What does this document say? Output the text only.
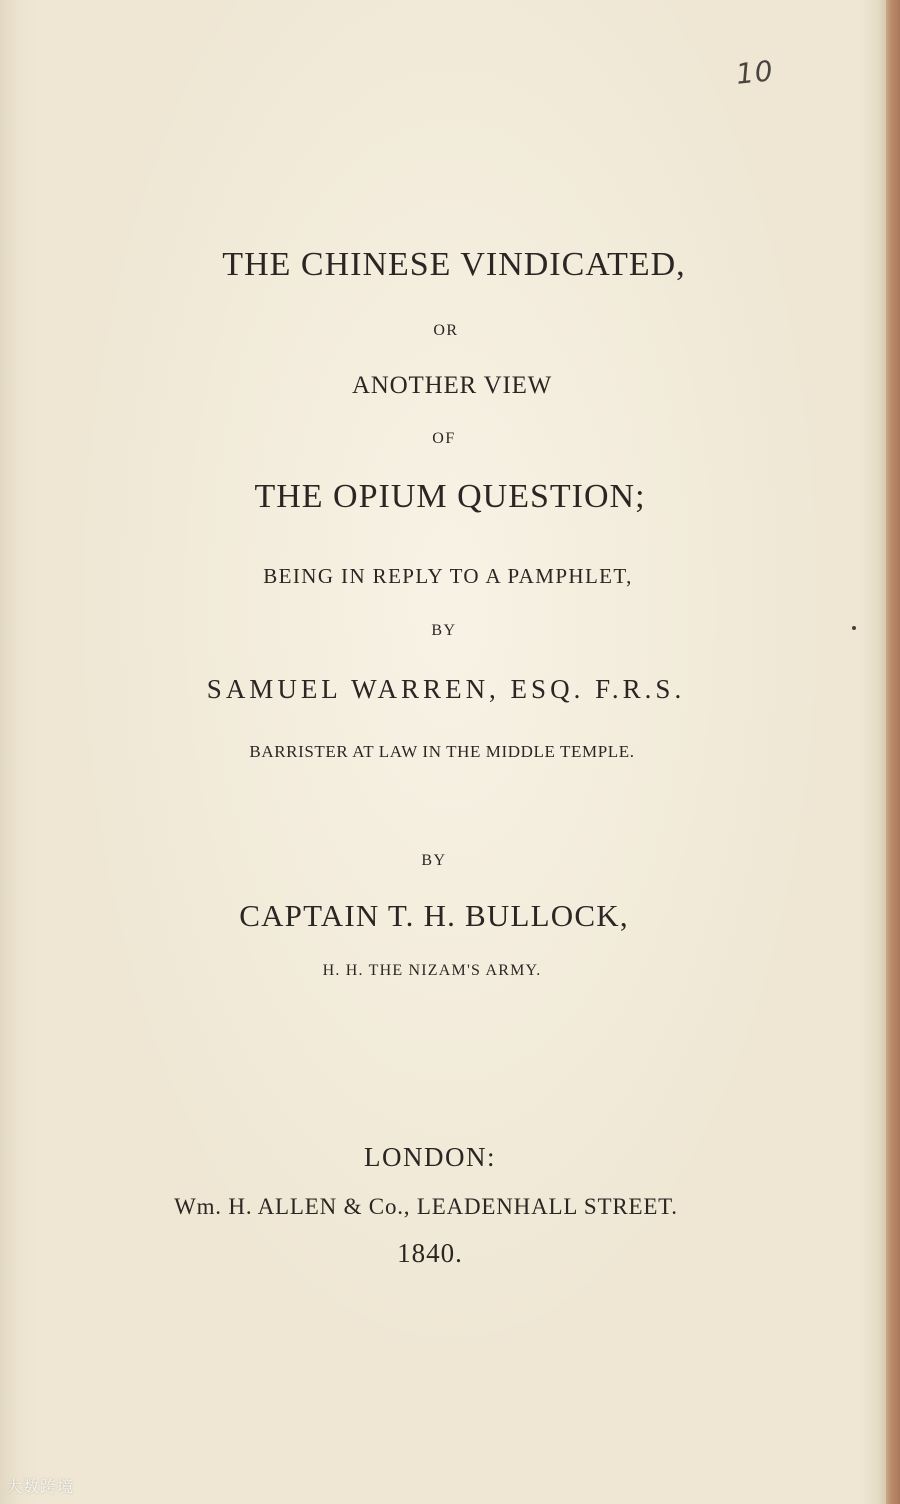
10
THE CHINESE VINDICATED,
OR
ANOTHER VIEW
OF
THE OPIUM QUESTION;
BEING IN REPLY TO A PAMPHLET,
BY
SAMUEL WARREN, ESQ. F.R.S.
BARRISTER AT LAW IN THE MIDDLE TEMPLE.
BY
CAPTAIN T. H. BULLOCK,
H. H. THE NIZAM'S ARMY.
LONDON:
Wm. H. ALLEN & Co., LEADENHALL STREET.
1840.
大数跨境
